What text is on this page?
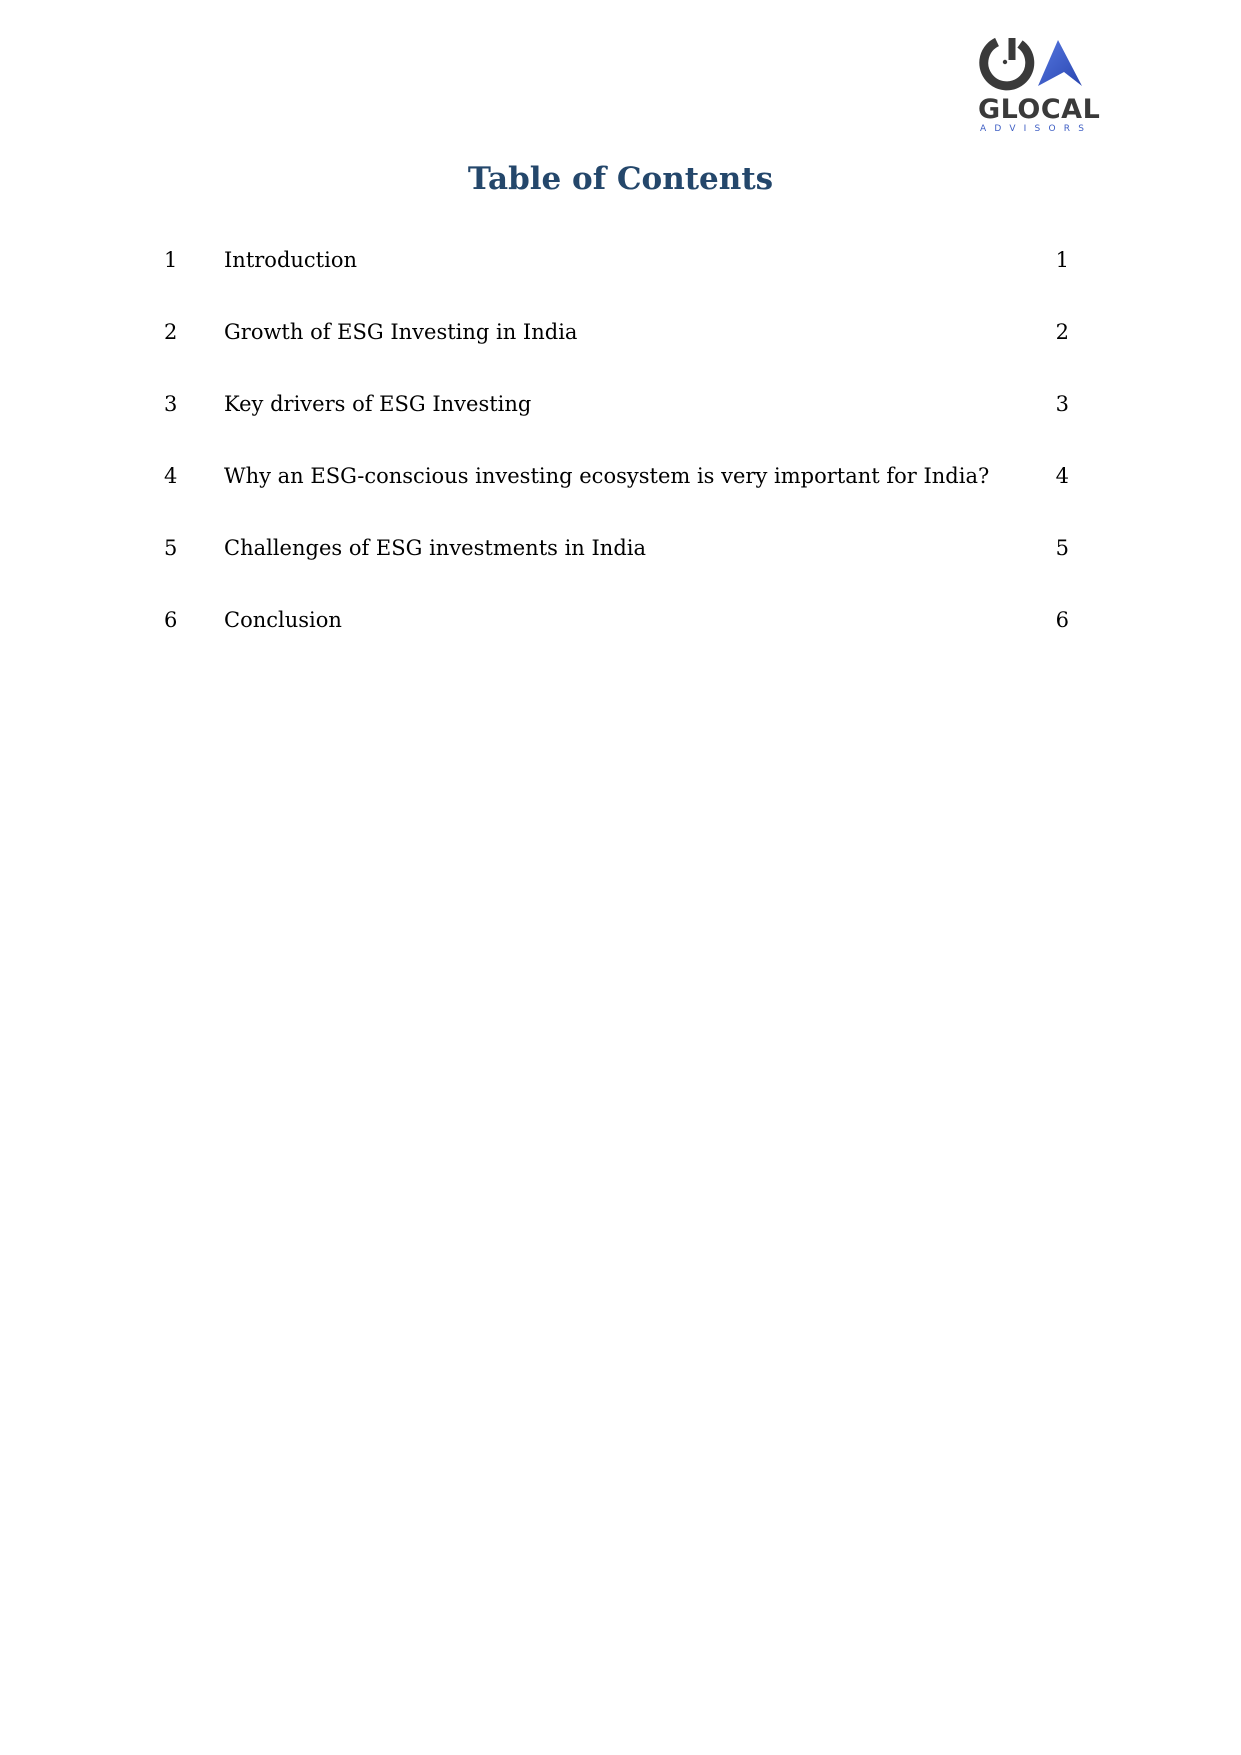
GLOCAL
ADVISORS
Table of Contents
1 Introduction	1
2 Growth of ESG Investing in India	2
3 Key drivers of ESG Investing	3
4 Why an ESG-conscious investing ecosystem is very important for India?	4
5 Challenges of ESG investments in India	5
6 Conclusion	6
